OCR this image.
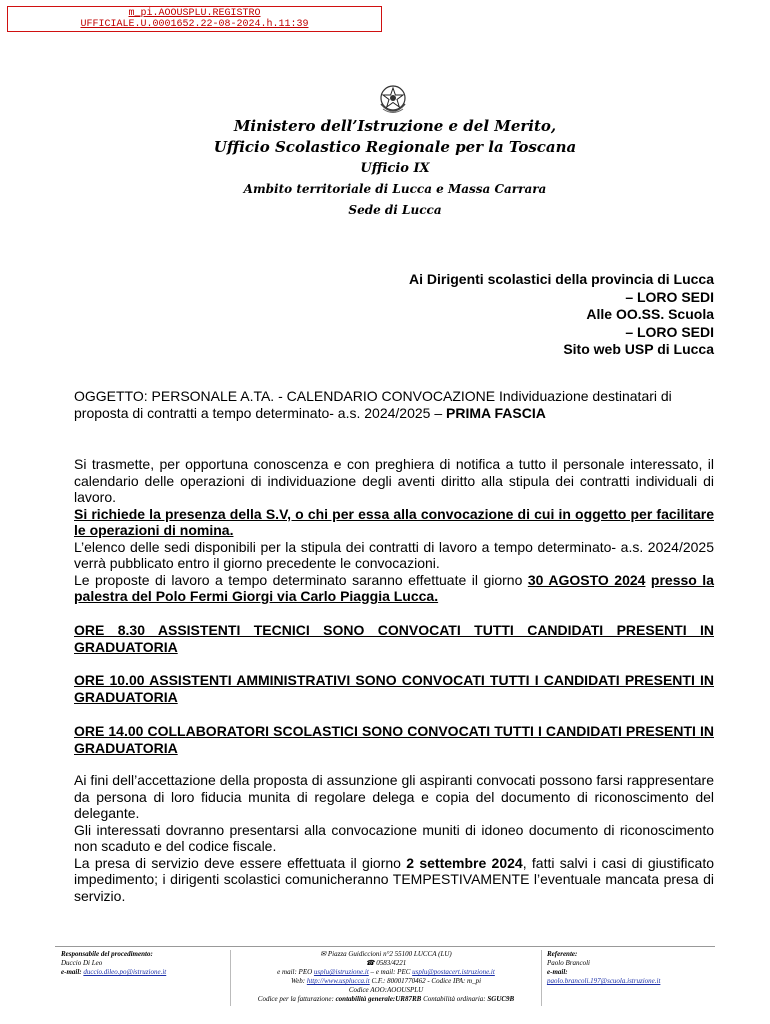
m_pi.AOOUSPLU.REGISTRO
UFFICIALE.U.0001652.22-08-2024.h.11:39
Ministero dell’Istruzione e del Merito,
Ufficio Scolastico Regionale per la Toscana
Ufficio IX
Ambito territoriale di Lucca e Massa Carrara
Sede di Lucca
Ai Dirigenti scolastici della provincia di Lucca
– LORO SEDI
Alle OO.SS. Scuola
– LORO SEDI
Sito web USP di Lucca
OGGETTO: PERSONALE A.TA. - CALENDARIO CONVOCAZIONE Individuazione destinatari di proposta di contratti a tempo determinato- a.s. 2024/2025 – PRIMA FASCIA

Si trasmette, per opportuna conoscenza e con preghiera di notifica a tutto il personale interessato, il calendario delle operazioni di individuazione degli aventi diritto alla stipula dei contratti individuali di lavoro.

Si richiede la presenza della S.V, o chi per essa alla convocazione di cui in oggetto per facilitare le operazioni di nomina.

L’elenco delle sedi disponibili per la stipula dei contratti di lavoro a tempo determinato- a.s. 2024/2025 verrà pubblicato entro il giorno precedente le convocazioni.

Le proposte di lavoro a tempo determinato saranno effettuate il giorno 30 AGOSTO 2024 presso la palestra del Polo Fermi Giorgi via Carlo Piaggia Lucca.

ORE 8.30 ASSISTENTI TECNICI SONO CONVOCATI TUTTI CANDIDATI PRESENTI IN GRADUATORIA
ORE 10.00 ASSISTENTI AMMINISTRATIVI SONO CONVOCATI TUTTI I CANDIDATI PRESENTI IN GRADUATORIA
ORE 14.00 COLLABORATORI SCOLASTICI SONO CONVOCATI TUTTI I CANDIDATI PRESENTI IN GRADUATORIA

Ai fini dell’accettazione della proposta di assunzione gli aspiranti convocati possono farsi rappresentare da persona di loro fiducia munita di regolare delega e copia del documento di riconoscimento del delegante.

Gli interessati dovranno presentarsi alla convocazione muniti di idoneo documento di riconoscimento non scaduto e del codice fiscale.

La presa di servizio deve essere effettuata il giorno 2 settembre 2024, fatti salvi i casi di giustificato impedimento; i dirigenti scolastici comunicheranno TEMPESTIVAMENTE l’eventuale mancata presa di servizio.

Responsabile del procedimento:
Duccio Di Leo
e-mail: duccio.dileo.po@istruzione.it
✉ Piazza Guidiccioni n°2 55100 LUCCA (LU)
☎ 0583/4221
e mail: PEO usplu@istruzione.it – e mail: PEC usplu@postacert.istruzione.it
Web: http://www.usplucca.it C.F.: 80001770462 - Codice IPA: m_pi
Codice AOO:AOOUSPLU
Codice per la fatturazione: contabilità generale:UR87RB Contabilità ordinaria: SGUC9B
Referente:
Paolo Brancoli
e-mail:
paolo.brancoli.197@scuola.istruzione.it
